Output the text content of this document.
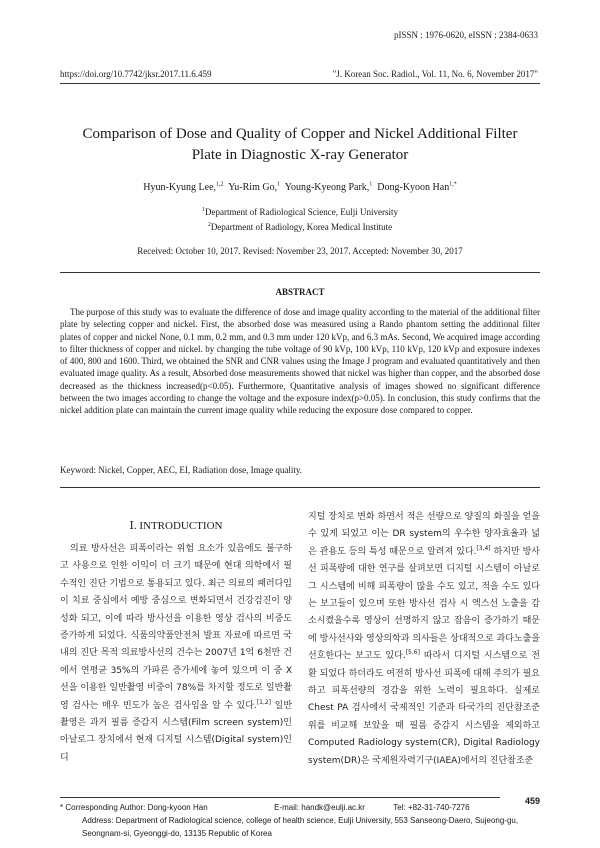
pISSN : 1976-0620, eISSN : 2384-0633
https://doi.org/10.7742/jksr.2017.11.6.459	"J. Korean Soc. Radiol., Vol. 11, No. 6, November 2017"
Comparison of Dose and Quality of Copper and Nickel Additional Filter
Plate in Diagnostic X-ray Generator
Hyun-Kyung Lee,$^{1,2}$ Yu-Rim Go,$^1$ Young-Kyeong Park,$^1$ Dong-Kyoon Han$^{1,*}$
$^1$Department of Radiological Science, Eulji University
$^2$Department of Radiology, Korea Medical Institute
Received: October 10, 2017. Revised: November 23, 2017. Accepted: November 30, 2017
ABSTRACT

The purpose of this study was to evaluate the difference of dose and image quality according to the material of the additional filter plate by selecting copper and nickel. First, the absorbed dose was measured using a Rando phantom setting the additional filter plates of copper and nickel None, 0.1 mm, 0.2 mm, and 0.3 mm under 120 kVp, and 6.3 mAs. Second, We acquired image according to filter thickness of copper and nickel. by changing the tube voltage of 90 kVp, 100 kVp, 110 kVp, 120 kVp and exposure indexes of 400, 800 and 1600. Third, we obtained the SNR and CNR values using the Image J program and evaluated quantitatively and then evaluated image quality. As a result, Absorbed dose measurements showed that nickel was higher than copper, and the absorbed dose decreased as the thickness increased(p<0.05). Furthermore, Quantitative analysis of images showed no significant difference between the two images according to change the voltage and the exposure index(p>0.05). In conclusion, this study confirms that the nickel addition plate can maintain the current image quality while reducing the exposure dose compared to copper.

Keyword: Nickel, Copper, AEC, EI, Radiation dose, Image quality.
Ⅰ. INTRODUCTION

의료 방사선은 피폭이라는 위험 요소가 있음에도 불구하고 사용으로 인한 이익이 더 크기 때문에 현대 의학에서 필수적인 진단 기법으로 통용되고 있다. 최근 의료의 패러다임이 치료 중심에서 예방 중심으로 변화되면서 건강검진이 양성화 되고, 이에 따라 방사선을 이용한 영상 검사의 비중도 증가하게 되었다. 식품의약품안전처 발표 자료에 따르면 국내의 진단 목적 의료방사선의 건수는 2007년 1억 6천만 건에서 연평균 35%의 가파른 증가세에 놓여 있으며 이 중 X선을 이용한 일반촬영 비중이 78%를 차지할 정도로 일반촬영 검사는 매우 빈도가 높은 검사임을 알 수 있다.[1,2] 일반촬영은 과거 필름 증감지 시스템(Film screen system)인 아날로그 장치에서 현재 디지털 시스템(Digital system)인 디

지털 장치로 변화 하면서 적은 선량으로 양질의 화질을 얻을 수 있게 되었고 이는 DR system의 우수한 양자효율과 넓은 관용도 등의 특성 때문으로 알려져 있다.[3,4] 하지만 방사선 피폭량에 대한 연구를 살펴보면 디지털 시스템이 아날로그 시스템에 비해 피폭량이 많을 수도 있고, 적을 수도 있다는 보고들이 있으며 또한 방사선 검사 시 엑스선 노출을 감소시켰을수록 영상이 선명하지 않고 잡음이 증가하기 때문에 방사선사와 영상의학과 의사들은 상대적으로 과다노출을 선호한다는 보고도 있다.[5,6] 따라서 디지털 시스템으로 전환 되었다 하더라도 여전히 방사선 피폭에 대해 주의가 필요하고 피폭선량의 경감을 위한 노력이 필요하다. 실제로 Chest PA 검사에서 국제적인 기준과 타국가의 진단참조준위를 비교해 보았을 때 필름 증감지 시스템을 제외하고 Computed Radiology system(CR), Digital Radiology system(DR)은 국제원자력기구(IAEA)에서의 진단참조준

459
* Corresponding Author: Dong-kyoon Han	E-mail: handk@eulji.ac.kr	Tel: +82-31-740-7276
Address: Department of Radiological science, college of health science, Eulji University, 553 Sanseong-Daero, Sujeong-gu, Seongnam-si, Gyeonggi-do, 13135 Republic of Korea
